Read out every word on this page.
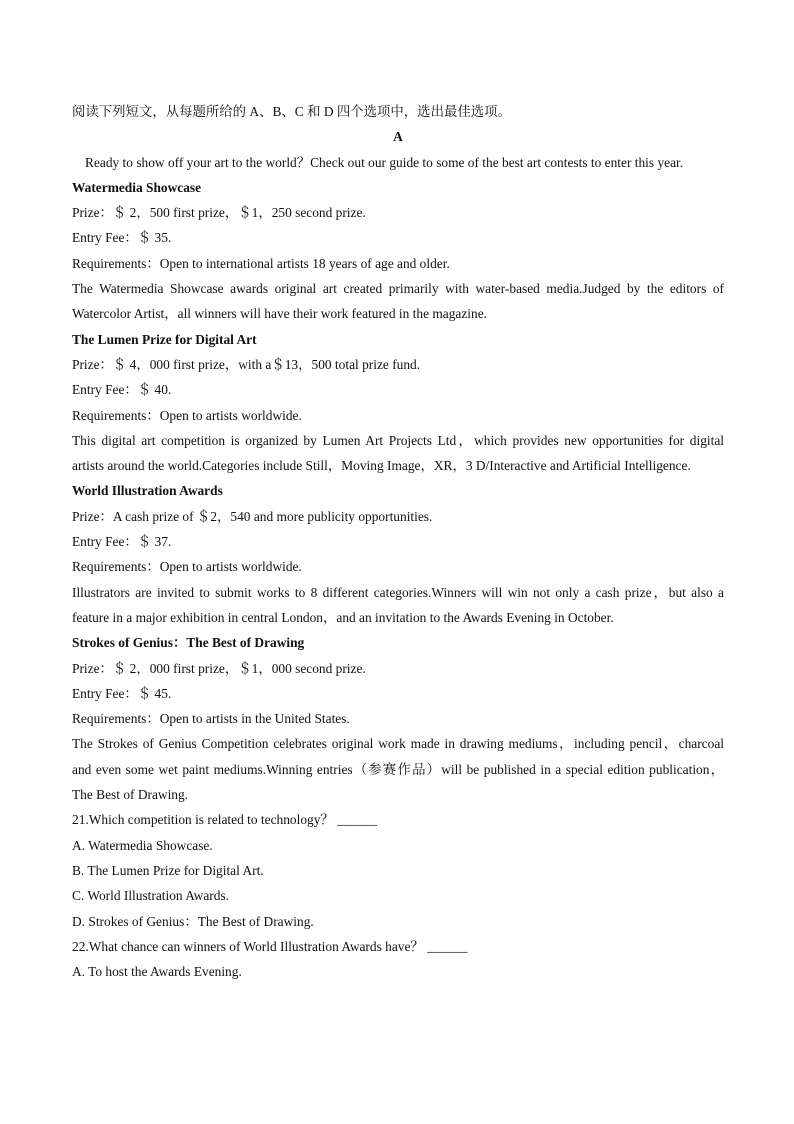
阅读下列短文，从每题所给的 A、B、C 和 D 四个选项中，选出最佳选项。
A
Ready to show off your art to the world？Check out our guide to some of the best art contests to enter this year.
Watermedia Showcase
Prize：＄ 2，500 first prize，＄1，250 second prize.
Entry Fee：＄ 35.
Requirements：Open to international artists 18 years of age and older.
The Watermedia Showcase awards original art created primarily with water-based media.Judged by the editors of
Watercolor Artist，all winners will have their work featured in the magazine.
The Lumen Prize for Digital Art
Prize：＄ 4，000 first prize，with a＄13，500 total prize fund.
Entry Fee：＄ 40.
Requirements：Open to artists worldwide.
This digital art competition is organized by Lumen Art Projects Ltd，which provides new opportunities for digital
artists around the world.Categories include Still，Moving Image，XR，3 D/Interactive and Artificial Intelligence.
World Illustration Awards
Prize：A cash prize of ＄2，540 and more publicity opportunities.
Entry Fee：＄ 37.
Requirements：Open to artists worldwide.
Illustrators are invited to submit works to 8 different categories.Winners will win not only a cash prize，but also a
feature in a major exhibition in central London，and an invitation to the Awards Evening in October.
Strokes of Genius：The Best of Drawing
Prize：＄ 2，000 first prize，＄1，000 second prize.
Entry Fee：＄ 45.
Requirements：Open to artists in the United States.
The Strokes of Genius Competition celebrates original work made in drawing mediums，including pencil，charcoal
and even some wet paint mediums.Winning entries（参赛作品）will be published in a special edition publication，
The Best of Drawing.
21.Which competition is related to technology？ ______
A. Watermedia Showcase.
B. The Lumen Prize for Digital Art.
C. World Illustration Awards.
D. Strokes of Genius：The Best of Drawing.
22.What chance can winners of World Illustration Awards have？ ______
A. To host the Awards Evening.
